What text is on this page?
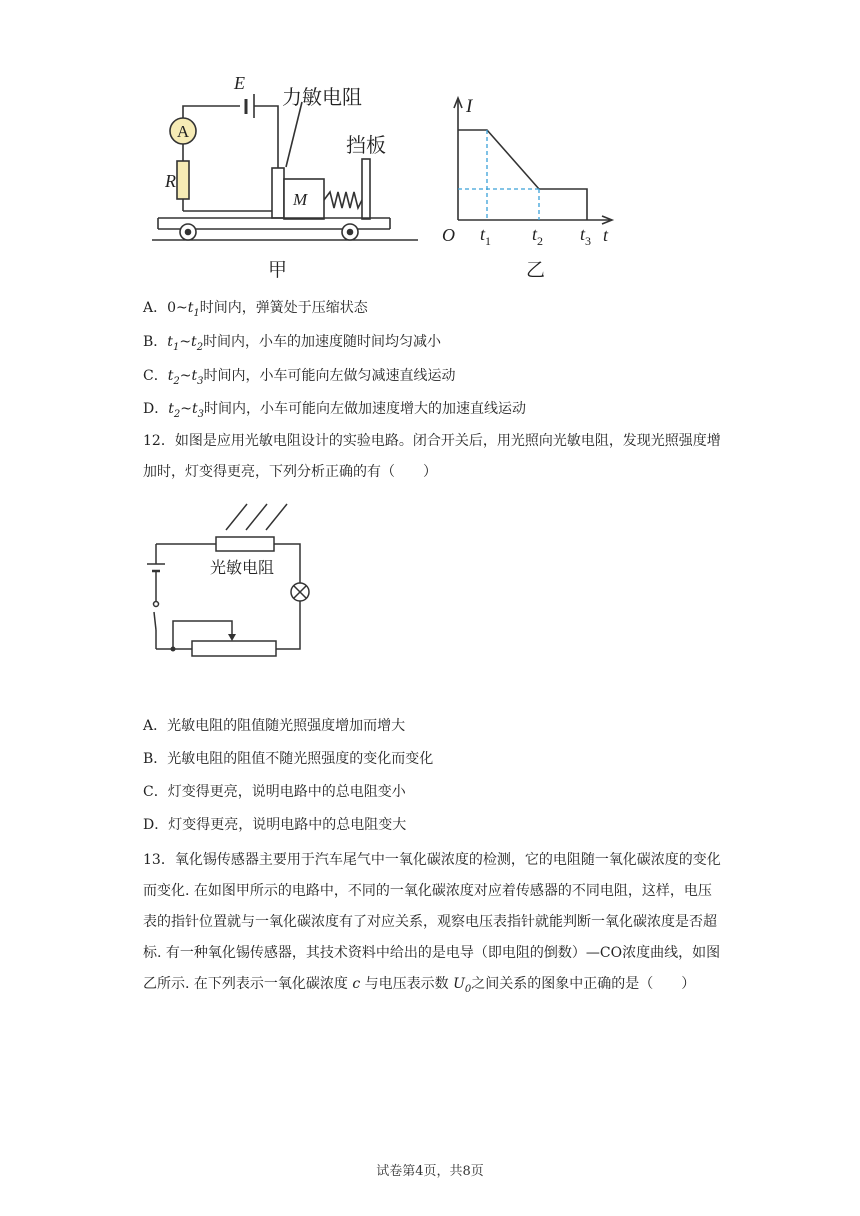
A
R
E
M
力敏电阻
挡板
甲
I
O	t
$t_1$ $t_2$ $t_3$
乙
A．$0\sim t_1$时间内，弹簧处于压缩状态
B．$t_1\sim t_2$时间内，小车的加速度随时间均匀减小
C．$t_2\sim t_3$时间内，小车可能向左做匀减速直线运动
D．$t_2\sim t_3$时间内，小车可能向左做加速度增大的加速直线运动
12．如图是应用光敏电阻设计的实验电路。闭合开关后，用光照向光敏电阻，发现光照强度增加时，灯变得更亮，下列分析正确的有（　　）
光敏电阻
A．光敏电阻的阻值随光照强度增加而增大
B．光敏电阻的阻值不随光照强度的变化而变化
C．灯变得更亮，说明电路中的总电阻变小
D．灯变得更亮，说明电路中的总电阻变大
13．氧化锡传感器主要用于汽车尾气中一氧化碳浓度的检测，它的电阻随一氧化碳浓度的变化而变化. 在如图甲所示的电路中，不同的一氧化碳浓度对应着传感器的不同电阻，这样，电压表的指针位置就与一氧化碳浓度有了对应关系，观察电压表指针就能判断一氧化碳浓度是否超标. 有一种氧化锡传感器，其技术资料中给出的是电导（即电阻的倒数）—CO浓度曲线，如图乙所示. 在下列表示一氧化碳浓度 c 与电压表示数 $U_0$之间关系的图象中正确的是（　　）
试卷第4页，共8页
